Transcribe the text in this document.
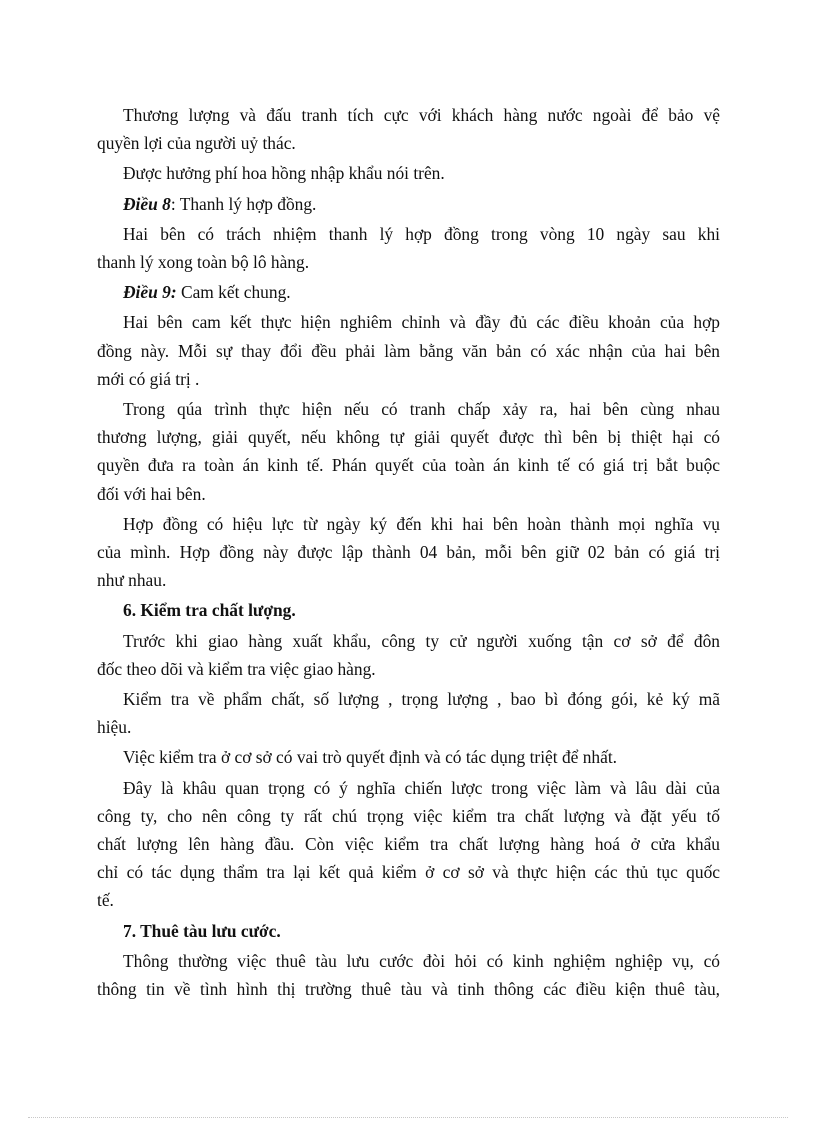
Thương lượng và đấu tranh tích cực với khách hàng nước ngoài để bảo vệ
quyền lợi của người uỷ thác.
Được hưởng phí hoa hồng nhập khẩu nói trên.
Điều 8: Thanh lý hợp đồng.
Hai bên có trách nhiệm thanh lý hợp đồng trong vòng 10 ngày sau khi
thanh lý xong toàn bộ lô hàng.
Điều 9: Cam kết chung.
Hai bên cam kết thực hiện nghiêm chỉnh và đầy đủ các điều khoản của hợp
đồng này. Mỗi sự thay đổi đều phải làm bằng văn bản có xác nhận của hai bên
mới có giá trị .
Trong qúa trình thực hiện nếu có tranh chấp xảy ra, hai bên cùng nhau
thương lượng, giải quyết, nếu không tự giải quyết được thì bên bị thiệt hại có
quyền đưa ra toàn án kinh tế. Phán quyết của toàn án kinh tế có giá trị bắt buộc
đối với hai bên.
Hợp đồng có hiệu lực từ ngày ký đến khi hai bên hoàn thành mọi nghĩa vụ
của mình. Hợp đồng này được lập thành 04 bản, mỗi bên giữ 02 bản có giá trị
như nhau.
6. Kiểm tra chất lượng.
Trước khi giao hàng xuất khẩu, công ty cử người xuống tận cơ sở để đôn
đốc theo dõi và kiểm tra việc giao hàng.
Kiểm tra về phẩm chất, số lượng , trọng lượng , bao bì đóng gói, kẻ ký mã
hiệu.
Việc kiểm tra ở cơ sở có vai trò quyết định và có tác dụng triệt để nhất.
Đây là khâu quan trọng có ý nghĩa chiến lược trong việc làm và lâu dài của
công ty, cho nên công ty rất chú trọng việc kiểm tra chất lượng và đặt yếu tố
chất lượng lên hàng đầu. Còn việc kiểm tra chất lượng hàng hoá ở cửa khẩu
chỉ có tác dụng thẩm tra lại kết quả kiểm ở cơ sở và thực hiện các thủ tục quốc
tế.
7. Thuê tàu lưu cước.
Thông thường việc thuê tàu lưu cước đòi hỏi có kinh nghiệm nghiệp vụ, có
thông tin về tình hình thị trường thuê tàu và tinh thông các điều kiện thuê tàu,
